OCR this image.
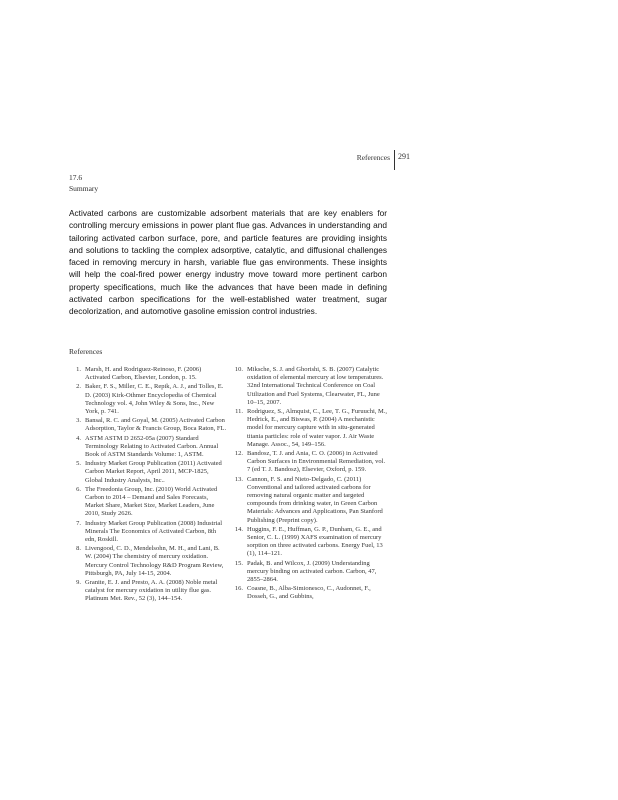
References 291
17.6
Summary

Activated carbons are customizable adsorbent materials that are key enablers for controlling mercury emissions in power plant flue gas. Advances in understanding and tailoring activated carbon surface, pore, and particle features are providing insights and solutions to tackling the complex adsorptive, catalytic, and diffusional challenges faced in removing mercury in harsh, variable flue gas environments. These insights will help the coal-fired power energy industry move toward more pertinent carbon property specifications, much like the advances that have been made in defining activated carbon specifications for the well-established water treatment, sugar decolorization, and automotive gasoline emission control industries.

References
1. Marsh, H. and Rodriguez-Reinoso, F. (2006) Activated Carbon, Elsevier, London, p. 15.
2. Baker, F. S., Miller, C. E., Repik, A. J., and Tolles, E. D. (2003) Kirk-Othmer Encyclopedia of Chemical Technology vol. 4, John Wiley & Sons, Inc., New York, p. 741.
3. Bansal, R. C. and Goyal, M. (2005) Activated Carbon Adsorption, Taylor & Francis Group, Boca Raton, FL.
4. ASTM ASTM D 2652-05a (2007) Standard Terminology Relating to Activated Carbon. Annual Book of ASTM Standards Volume: 1, ASTM.
5. Industry Market Group Publication (2011) Activated Carbon Market Report, April 2011, MCP-1825, Global Industry Analysts, Inc..
6. The Freedonia Group, Inc. (2010) World Activated Carbon to 2014 – Demand and Sales Forecasts, Market Share, Market Size, Market Leaders, June 2010, Study 2626.
7. Industry Market Group Publication (2008) Industrial Minerals The Economics of Activated Carbon, 8th edn, Roskill.
8. Livengood, C. D., Mendelsohn, M. H., and Lani, B. W. (2004) The chemistry of mercury oxidation. Mercury Control Technology R&D Program Review, Pittsburgh, PA, July 14-15, 2004.
9. Granite, E. J. and Presto, A. A. (2008) Noble metal catalyst for mercury oxidation in utility flue gas. Platinum Met. Rev., 52 (3), 144–154.
10. Miksche, S. J. and Ghorishi, S. B. (2007) Catalytic oxidation of elemental mercury at low temperatures. 32nd International Technical Conference on Coal Utilization and Fuel Systems, Clearwater, FL, June 10–15, 2007.
11. Rodriguez, S., Almquist, C., Lee, T. G., Furuuchi, M., Hedrick, E., and Biswas, P. (2004) A mechanistic model for mercury capture with in situ-generated titania particles: role of water vapor. J. Air Waste Manage. Assoc., 54, 149–156.
12. Bandosz, T. J. and Ania, C. O. (2006) in Activated Carbon Surfaces in Environmental Remediation, vol. 7 (ed T. J. Bandosz), Elsevier, Oxford, p. 159.
13. Cannon, F. S. and Nieto-Delgado, C. (2011) Conventional and tailored activated carbons for removing natural organic matter and targeted compounds from drinking water, in Green Carbon Materials: Advances and Applications, Pan Stanford Publishing (Preprint copy).
14. Huggins, F. E., Huffman, G. P., Dunham, G. E., and Senior, C. L. (1999) XAFS examination of mercury sorption on three activated carbons. Energy Fuel, 13 (1), 114–121.
15. Padak, B. and Wilcox, J. (2009) Understanding mercury binding on activated carbon. Carbon, 47, 2855–2864.
16. Coasne, B., Alba-Simionesco, C., Audonnet, F., Dosseh, G., and Gubbins,
